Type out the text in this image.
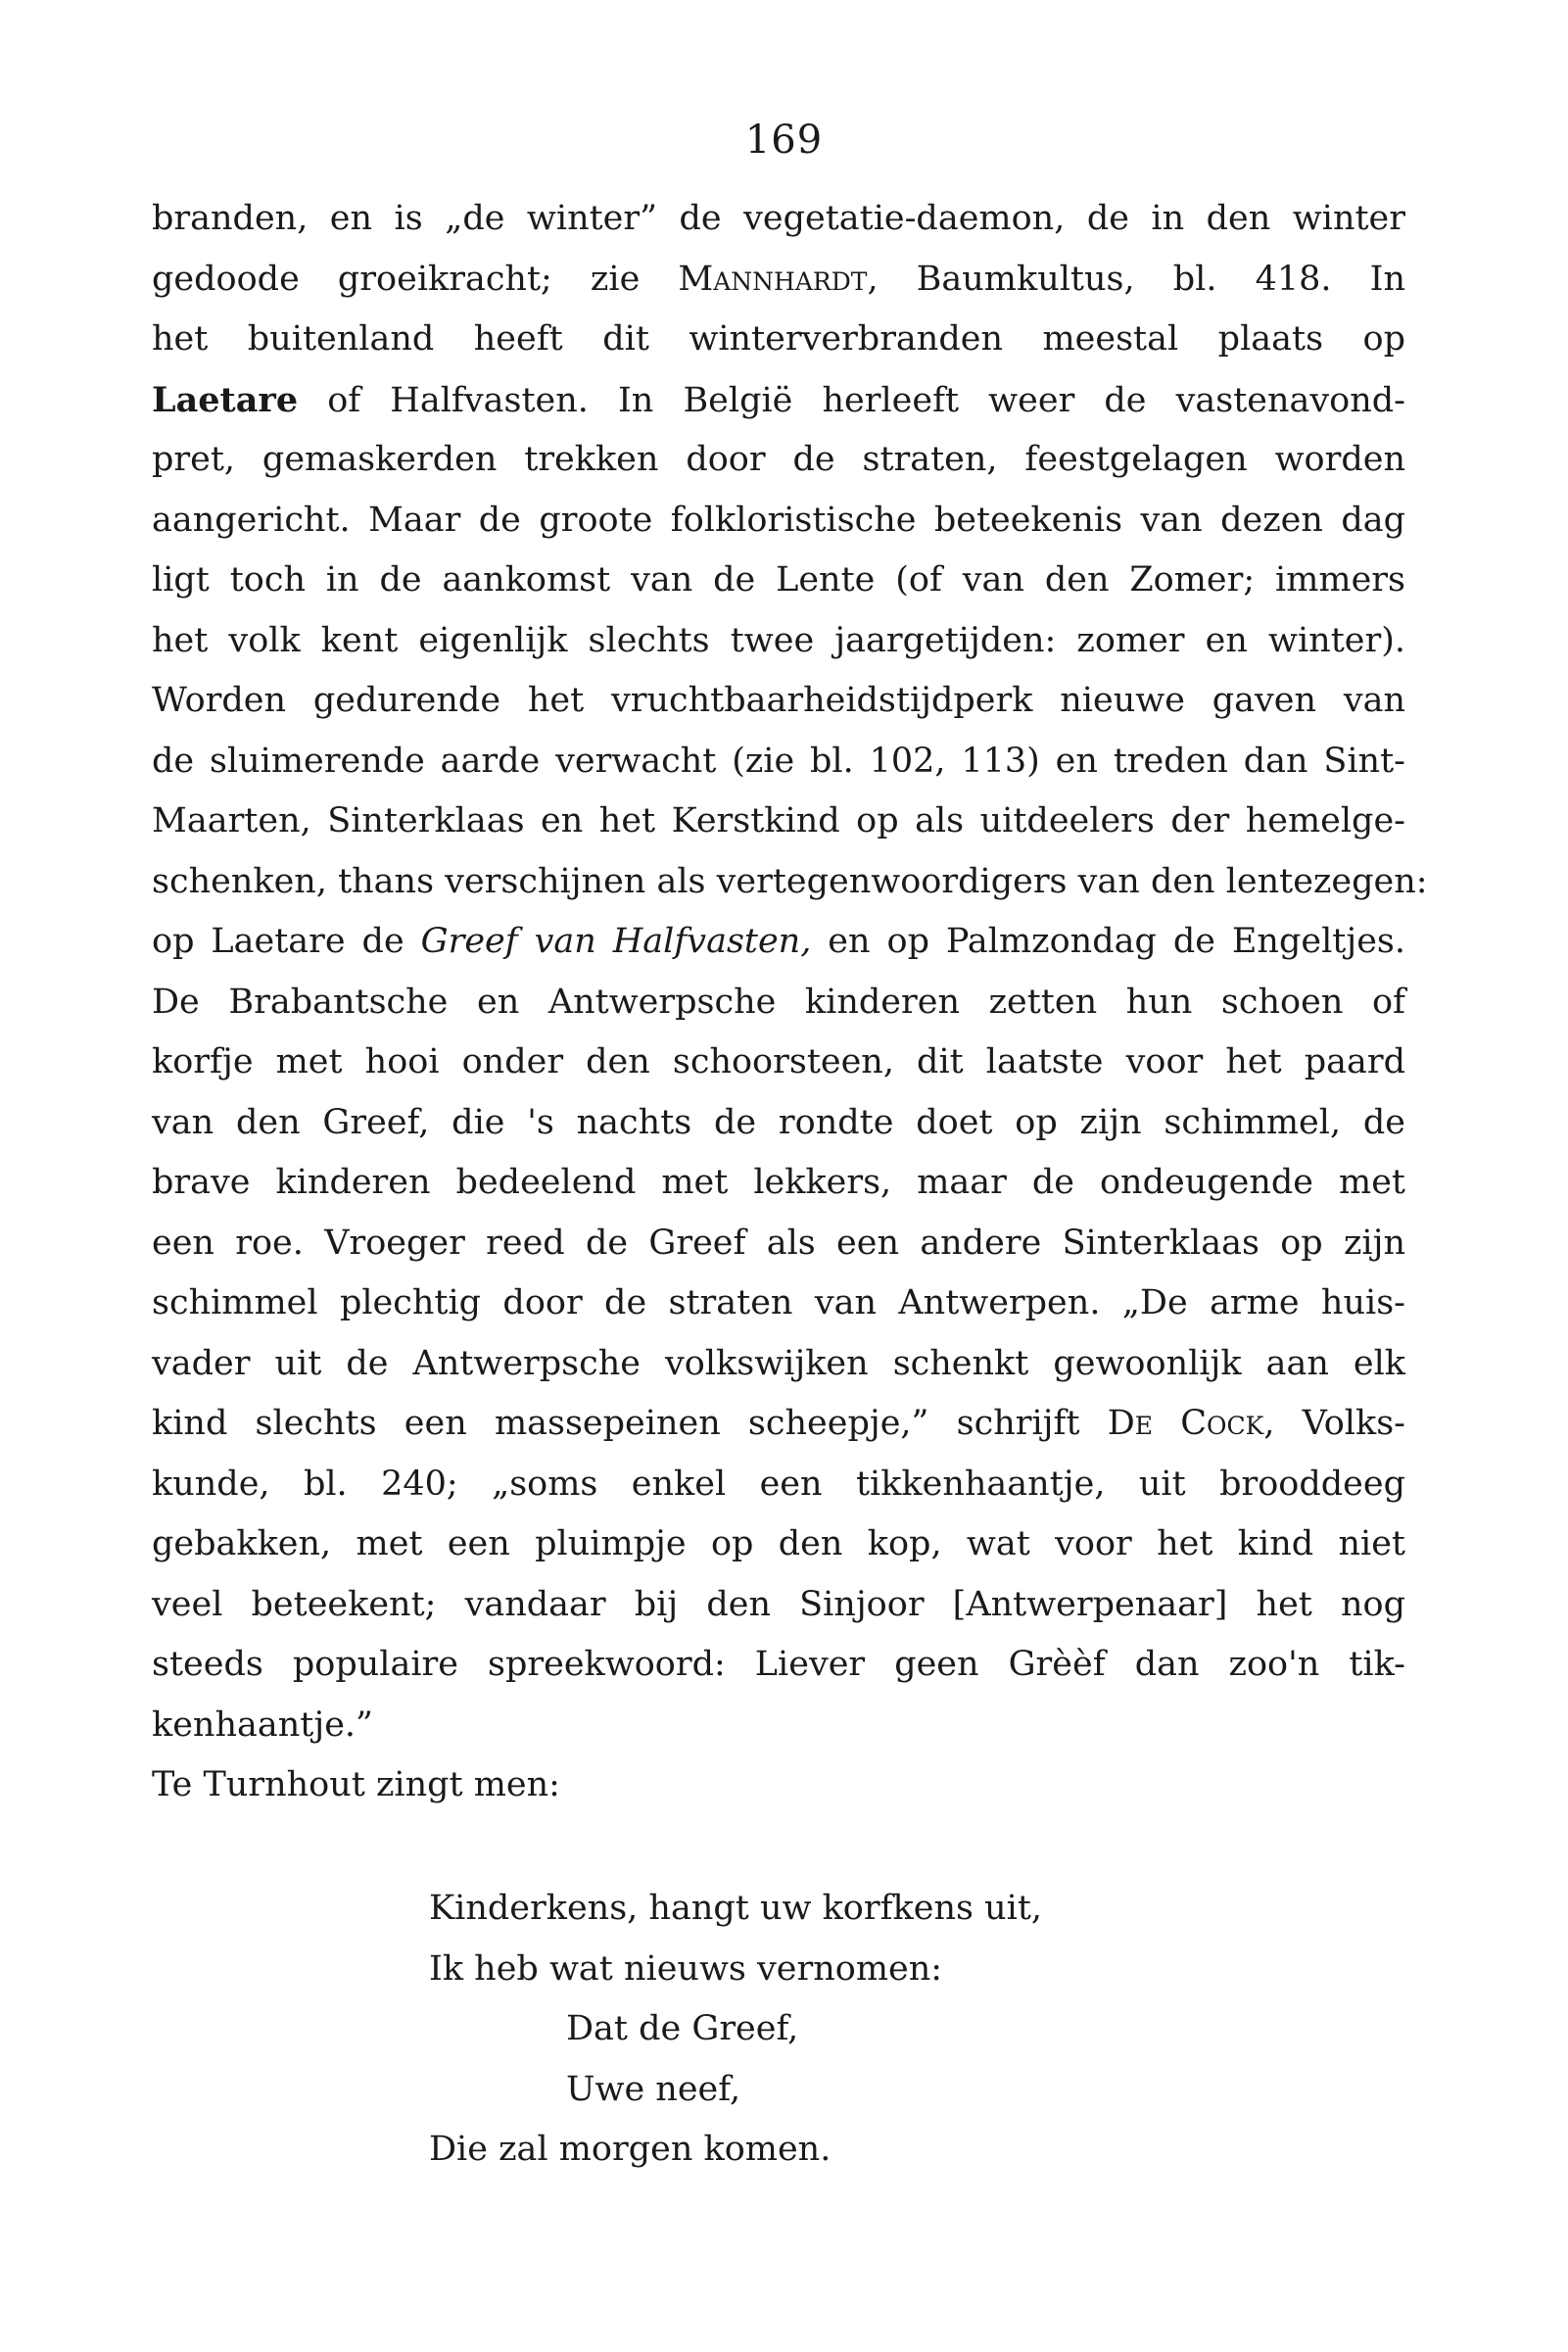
169
branden, en is „de winter” de vegetatie-daemon, de in den winter
gedoode groeikracht; zie Mannhardt, Baumkultus, bl. 418. In
het buitenland heeft dit winterverbranden meestal plaats op
Laetare of Halfvasten. In België herleeft weer de vastenavond-
pret, gemaskerden trekken door de straten, feestgelagen worden
aangericht. Maar de groote folkloristische beteekenis van dezen dag
ligt toch in de aankomst van de Lente (of van den Zomer; immers
het volk kent eigenlijk slechts twee jaargetijden: zomer en winter).
Worden gedurende het vruchtbaarheidstijdperk nieuwe gaven van
de sluimerende aarde verwacht (zie bl. 102, 113) en treden dan Sint-
Maarten, Sinterklaas en het Kerstkind op als uitdeelers der hemelge-
schenken, thans verschijnen als vertegenwoordigers van den lentezegen:
op Laetare de Greef van Halfvasten, en op Palmzondag de Engeltjes.
De Brabantsche en Antwerpsche kinderen zetten hun schoen of
korfje met hooi onder den schoorsteen, dit laatste voor het paard
van den Greef, die 's nachts de rondte doet op zijn schimmel, de
brave kinderen bedeelend met lekkers, maar de ondeugende met
een roe. Vroeger reed de Greef als een andere Sinterklaas op zijn
schimmel plechtig door de straten van Antwerpen. „De arme huis-
vader uit de Antwerpsche volkswijken schenkt gewoonlijk aan elk
kind slechts een massepeinen scheepje,” schrijft De Cock, Volks-
kunde, bl. 240; „soms enkel een tikkenhaantje, uit brooddeeg
gebakken, met een pluimpje op den kop, wat voor het kind niet
veel beteekent; vandaar bij den Sinjoor [Antwerpenaar] het nog
steeds populaire spreekwoord: Liever geen Grèèf dan zoo'n tik-
kenhaantje.”
Te Turnhout zingt men:
Kinderkens, hangt uw korfkens uit,
Ik heb wat nieuws vernomen:
Dat de Greef,
Uwe neef,
Die zal morgen komen.
